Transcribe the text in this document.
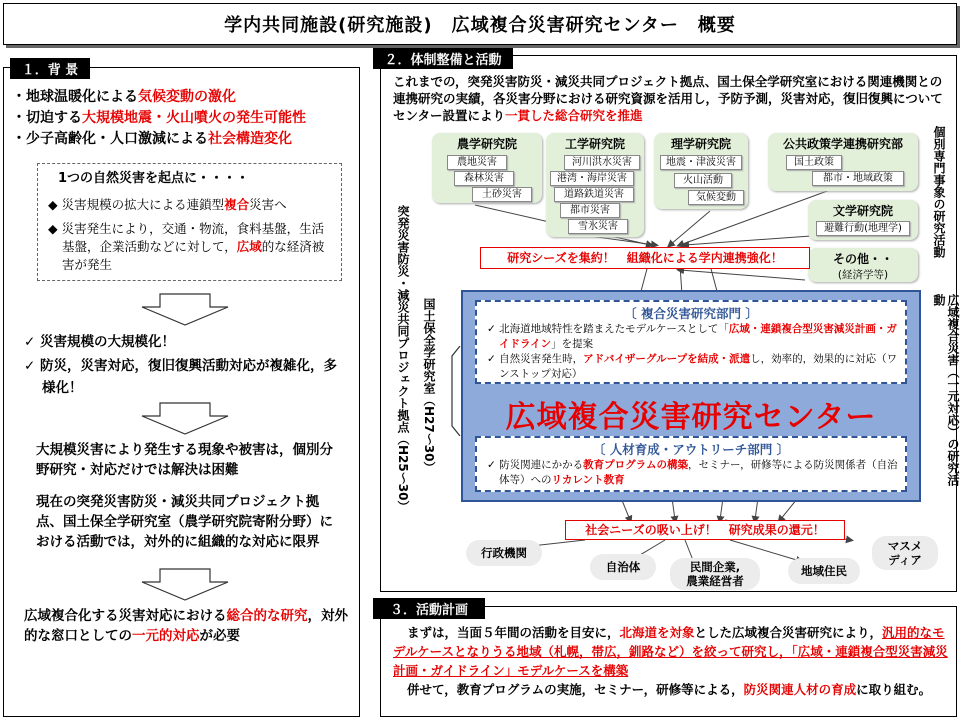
学内共同施設(研究施設)　広域複合災害研究センター　概要
１．背 景

・地球温暖化による気候変動の激化

・切迫する大規模地震・火山噴火の発生可能性

・少子高齢化・人口激減による社会構造変化

1つの自然災害を起点に・・・・

◆ 災害規模の拡大による連鎖型複合災害へ

◆ 災害発生により，交通・物流，食料基盤，生活基盤，企業活動などに対して，広域的な経済被害が発生

✓ 災害規模の大規模化！

✓ 防災，災害対応，復旧復興活動対応が複雑化，多様化！

大規模災害により発生する現象や被害は，個別分野研究・対応だけでは解決は困難

現在の突発災害防災・減災共同プロジェクト拠点、国土保全学研究室（農学研究院寄附分野）における活動では，対外的に組織的な対応に限界

広域複合化する災害対応における総合的な研究，対外的な窓口としての一元的対応が必要

２．体制整備と活動

これまでの，突発災害防災・減災共同プロジェクト拠点、国土保全学研究室における関連機関との連携研究の実績，各災害分野における研究資源を活用し，予防予測，災害対応，復旧復興についてセンター設置により一貫した総合研究を推進

農学研究院
農地災害
森林災害
土砂災害
工学研究院
河川洪水災害
港湾・海岸災害
道路鉄道災害
都市災害
雪氷災害
理学研究院
地震・津波災害
火山活動
気候変動
公共政策学連携研究部
国土政策
都市・地域政策
文学研究院
避難行動(地理学)

その他・・

(経済学等)

研究シーズを集約！　組織化による学内連携強化！
突発災害防災・減災共同プロジェクト拠点（H25～30） 国土保全学研究室（H27～30）
個別専門事象の研究活動
広域複合災害（一元対応）の研究活動
〔 複合災害研究部門 〕

✓ 北海道地域特性を踏まえたモデルケースとして「広域・連鎖複合型災害減災計画・ガイドライン」を提案

✓ 自然災害発生時，アドバイザーグループを結成・派遣し，効率的，効果的に対応（ワンストップ対応）

広域複合災害研究センター
〔 人材育成・アウトリーチ部門 〕

✓ 防災関連にかかる教育プログラムの構築，セミナー，研修等による防災関係者（自治体等）へのリカレント教育

社会ニーズの吸い上げ！　研究成果の還元！
行政機関
自治体	民間企業,
農業経営者
地域住民
マスメ
ディア
３．活動計画

まずは，当面５年間の活動を目安に，北海道を対象とした広域複合災害研究により，汎用的なモデルケースとなりうる地域（札幌，帯広，釧路など）を絞って研究し，「広域・連鎖複合型災害減災計画・ガイドライン」モデルケースを構築

併せて，教育プログラムの実施，セミナー，研修等による，防災関連人材の育成に取り組む。
